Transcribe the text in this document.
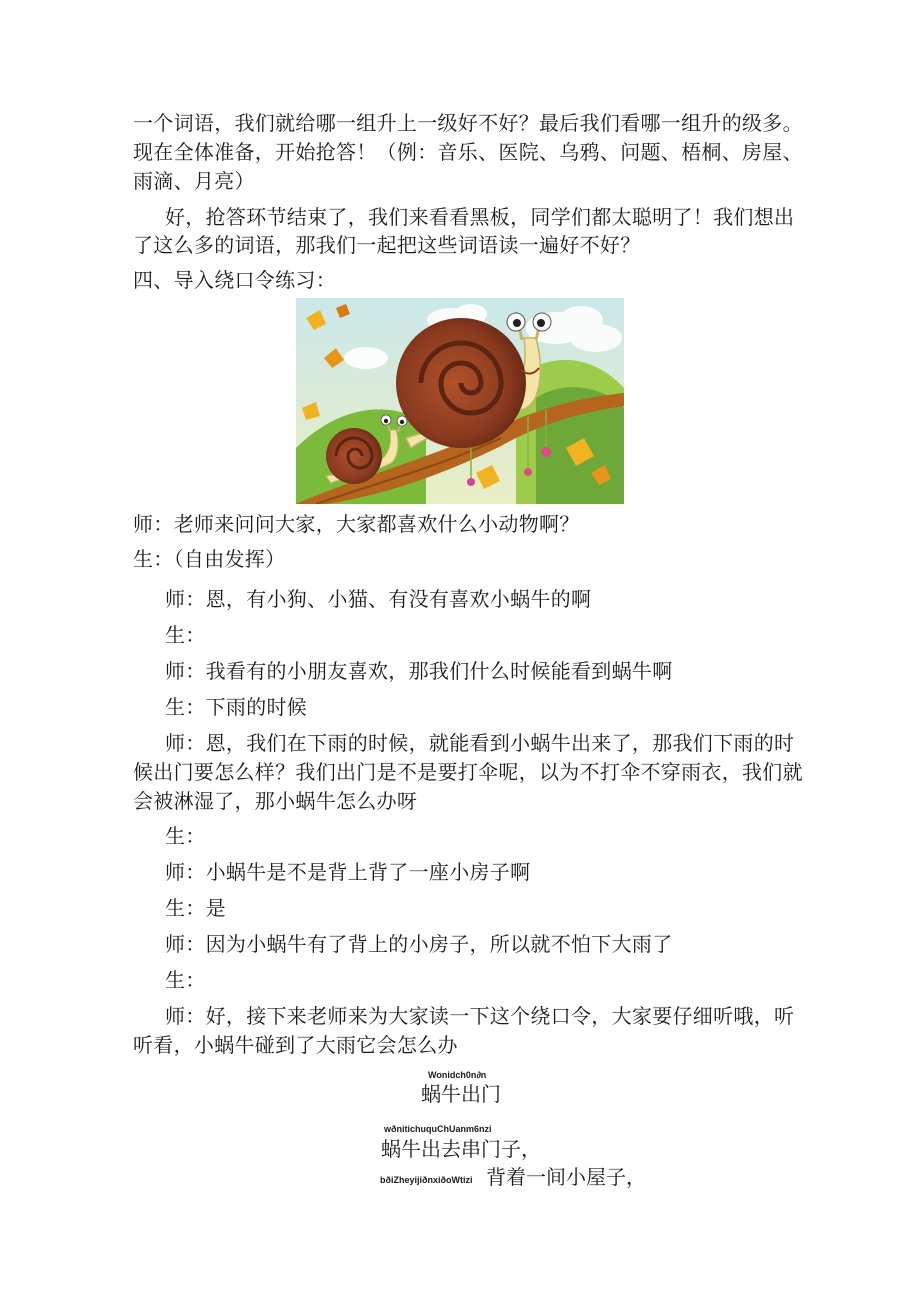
一个词语，我们就给哪一组升上一级好不好？最后我们看哪一组升的级多。
现在全体准备，开始抢答！（例：音乐、医院、乌鸦、问题、梧桐、房屋、
雨滴、月亮）
好，抢答环节结束了，我们来看看黑板，同学们都太聪明了！我们想出
了这么多的词语，那我们一起把这些词语读一遍好不好？
四、导入绕口令练习：
师：老师来问问大家，大家都喜欢什么小动物啊？
生：（自由发挥）
师：恩，有小狗、小猫、有没有喜欢小蜗牛的啊
生：
师：我看有的小朋友喜欢，那我们什么时候能看到蜗牛啊
生：下雨的时候
师：恩，我们在下雨的时候，就能看到小蜗牛出来了，那我们下雨的时
候出门要怎么样？我们出门是不是要打伞呢，以为不打伞不穿雨衣，我们就
会被淋湿了，那小蜗牛怎么办呀
生：
师：小蜗牛是不是背上背了一座小房子啊
生：是
师：因为小蜗牛有了背上的小房子，所以就不怕下大雨了
生：
师：好，接下来老师来为大家读一下这个绕口令，大家要仔细听哦，听
听看，小蜗牛碰到了大雨它会怎么办
Wonidch0n∂n
蜗牛出门
wðnitichuquChUanm6nzi
蜗牛出去串门子，
bðiZheyijiðnxiðoWtizi 背着一间小屋子，
